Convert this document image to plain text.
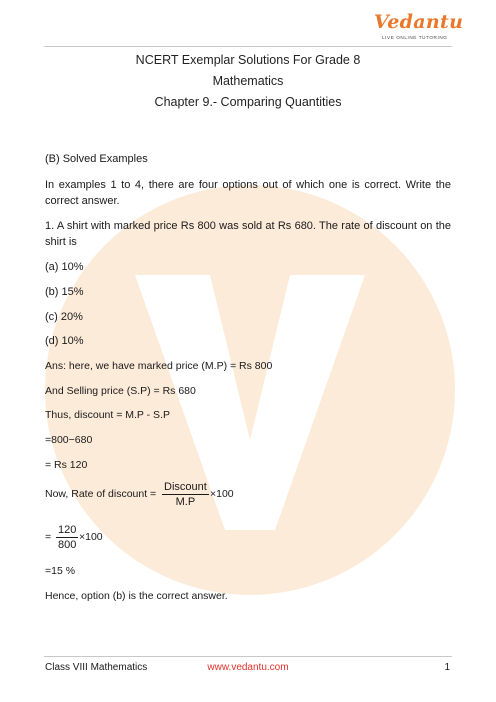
Vedantu
LIVE ONLINE TUTORING
NCERT Exemplar Solutions For Grade 8
Mathematics
Chapter 9.- Comparing Quantities
(B) Solved Examples
In examples 1 to 4, there are four options out of which one is correct. Write the correct answer.
1. A shirt with marked price Rs 800 was sold at Rs 680. The rate of discount on the shirt is
(a) 10%
(b) 15%
(c) 20%
(d) 10%
Ans: here, we have marked price (M.P) = Rs 800
And Selling price (S.P) = Rs 680
Thus, discount = M.P - S.P
=800−680
= Rs 120
Now, Rate of discount =
Discount
M.P
×100
= $\frac{120}{800} \times 100$
=15 %
Hence, option (b) is the correct answer.
Class VIII Mathematics	www.vedantu.com	1
